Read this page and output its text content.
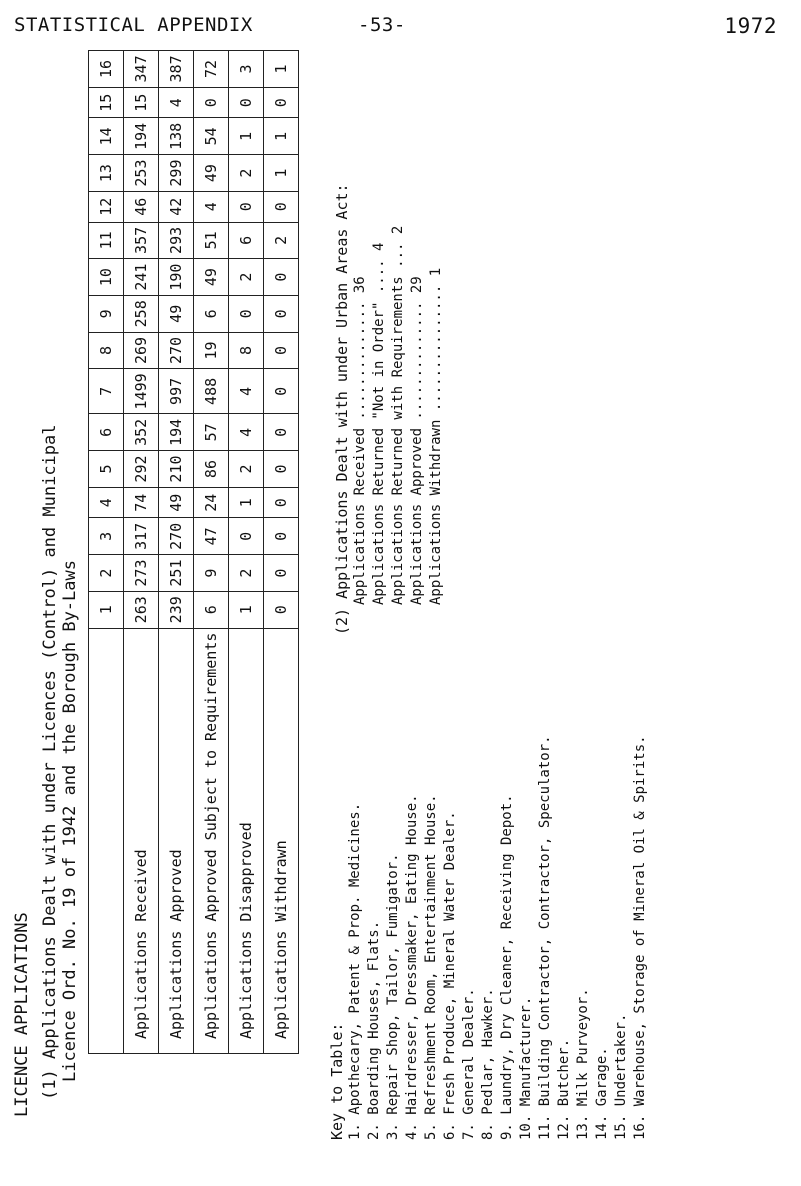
STATISTICAL APPENDIX	-53-	1972
LICENCE APPLICATIONS (1) Applications Dealt with under Licences (Control) and Municipal
Licence Ord. No. 19 of 1942 and the Borough By-Laws
	1	2	3	4	5	6	7	8	9	10	11	12	13	14	15	16
Applications Received	263	273	317	74	292	352	1499	269	258	241	357	46	253	194	15	347
Applications Approved	239	251	270	49	210	194	997	270	49	190	293	42	299	138	4	387
Applications Approved Subject to Requirements	6	9	47	24	86	57	488	19	6	49	51	4	49	54	0	72
Applications Disapproved	1	2	0	1	2	4	4	8	0	2	6	0	2	1	0	3
Applications Withdrawn	0	0	0	0	0	0	0	0	0	0	2	0	1	1	0	1
Key to Table: 1. Apothecary, Patent & Prop. Medicines. 2. Boarding Houses, Flats. 3. Repair Shop, Tailor, Fumigator. 4. Hairdresser, Dressmaker, Eating House. 5. Refreshment Room, Entertainment House. 6. Fresh Produce, Mineral Water Dealer. 7. General Dealer. 8. Pedlar, Hawker. 9. Laundry, Dry Cleaner, Receiving Depot. 10. Manufacturer. 11. Building Contractor, Contractor, Speculator. 12. Butcher. 13. Milk Purveyor. 14. Garage. 15. Undertaker. 16. Warehouse, Storage of Mineral Oil & Spirits.
(2) Applications Dealt with under Urban Areas Act: Applications Received .............. 36 Applications Returned "Not in Order" .... 4 Applications Returned with Requirements ... 2
Applications Approved .............. 29 Applications Withdrawn ............... 1
